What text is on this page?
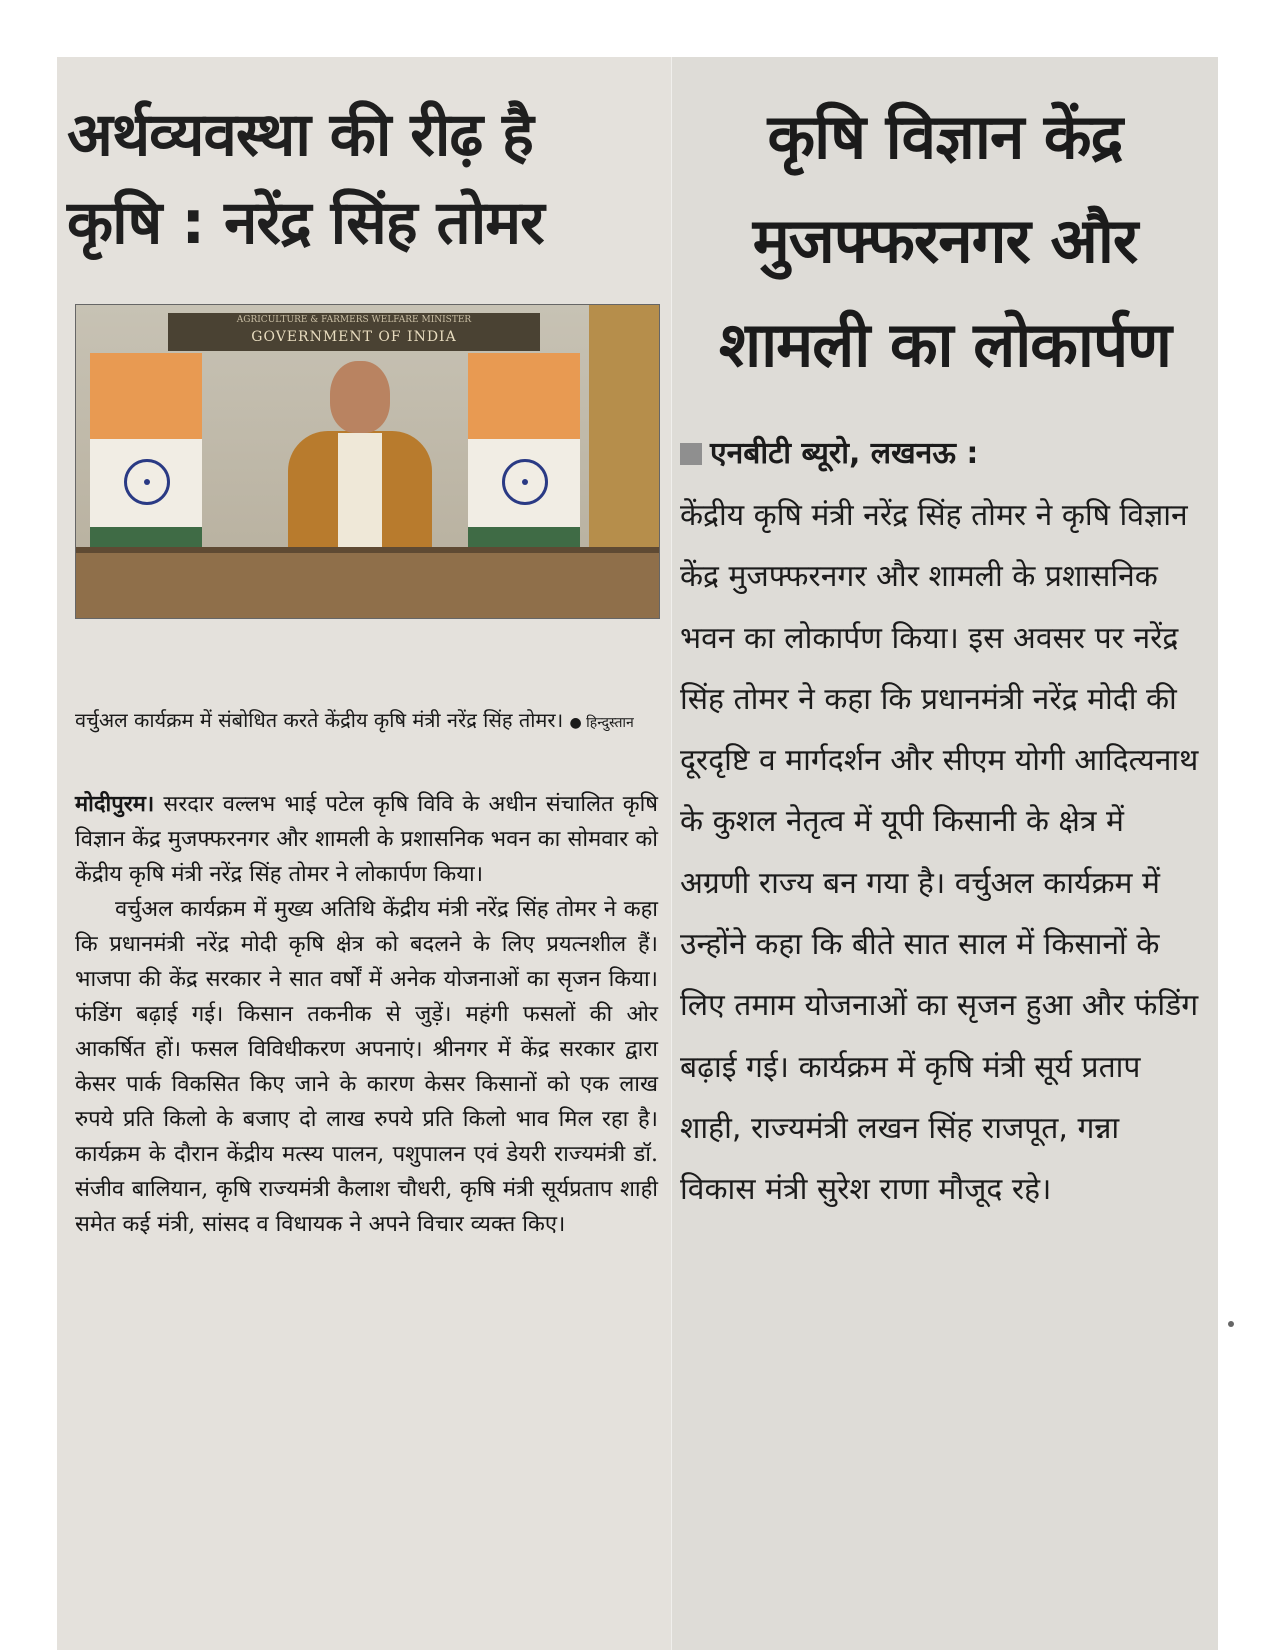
अर्थव्यवस्था की रीढ़ है
कृषि : नरेंद्र सिंह तोमर
AGRICULTURE & FARMERS WELFARE MINISTER
GOVERNMENT OF INDIA
वर्चुअल कार्यक्रम में संबोधित करते केंद्रीय कृषि मंत्री नरेंद्र सिंह तोमर। ● हिन्दुस्तान

मोदीपुरम। सरदार वल्लभ भाई पटेल कृषि विवि के अधीन संचालित कृषि विज्ञान केंद्र मुजफ्फरनगर और शामली के प्रशासनिक भवन का सोमवार को केंद्रीय कृषि मंत्री नरेंद्र सिंह तोमर ने लोकार्पण किया।

वर्चुअल कार्यक्रम में मुख्य अतिथि केंद्रीय मंत्री नरेंद्र सिंह तोमर ने कहा कि प्रधानमंत्री नरेंद्र मोदी कृषि क्षेत्र को बदलने के लिए प्रयत्नशील हैं। भाजपा की केंद्र सरकार ने सात वर्षों में अनेक योजनाओं का सृजन किया। फंडिंग बढ़ाई गई। किसान तकनीक से जुड़ें। महंगी फसलों की ओर आकर्षित हों। फसल विविधीकरण अपनाएं। श्रीनगर में केंद्र सरकार द्वारा केसर पार्क विकसित किए जाने के कारण केसर किसानों को एक लाख रुपये प्रति किलो के बजाए दो लाख रुपये प्रति किलो भाव मिल रहा है। कार्यक्रम के दौरान केंद्रीय मत्स्य पालन, पशुपालन एवं डेयरी राज्यमंत्री डॉ. संजीव बालियान, कृषि राज्यमंत्री कैलाश चौधरी, कृषि मंत्री सूर्यप्रताप शाही समेत कई मंत्री, सांसद व विधायक ने अपने विचार व्यक्त किए।

कृषि विज्ञान केंद्र
मुजफ्फरनगर और
शामली का लोकार्पण
एनबीटी ब्यूरो, लखनऊ :
केंद्रीय कृषि मंत्री नरेंद्र सिंह तोमर ने कृषि विज्ञान केंद्र मुजफ्फरनगर और शामली के प्रशासनिक भवन का लोकार्पण किया। इस अवसर पर नरेंद्र सिंह तोमर ने कहा कि प्रधानमंत्री नरेंद्र मोदी की दूरदृष्टि व मार्गदर्शन और सीएम योगी आदित्यनाथ के कुशल नेतृत्व में यूपी किसानी के क्षेत्र में अग्रणी राज्य बन गया है। वर्चुअल कार्यक्रम में उन्होंने कहा कि बीते सात साल में किसानों के लिए तमाम योजनाओं का सृजन हुआ और फंडिंग बढ़ाई गई। कार्यक्रम में कृषि मंत्री सूर्य प्रताप शाही, राज्यमंत्री लखन सिंह राजपूत, गन्ना विकास मंत्री सुरेश राणा मौजूद रहे।
